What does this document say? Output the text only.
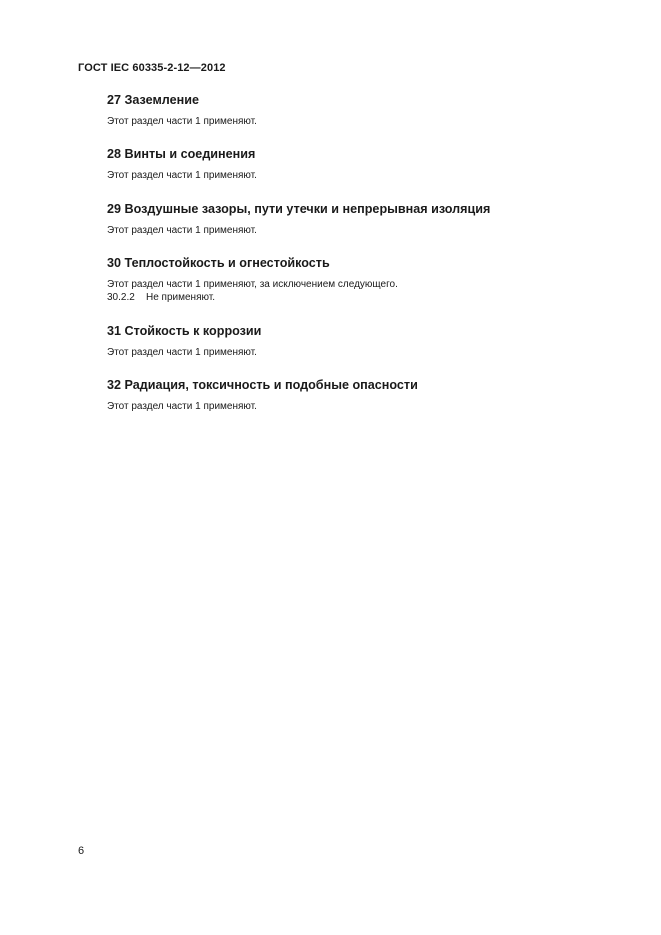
ГОСТ IEC 60335-2-12—2012
27 Заземление

Этот раздел части 1 применяют.

28 Винты и соединения

Этот раздел части 1 применяют.

29 Воздушные зазоры, пути утечки и непрерывная изоляция

Этот раздел части 1 применяют.

30 Теплостойкость и огнестойкость

Этот раздел части 1 применяют, за исключением следующего.

30.2.2 Не применяют.

31 Стойкость к коррозии

Этот раздел части 1 применяют.

32 Радиация, токсичность и подобные опасности

Этот раздел части 1 применяют.

6
